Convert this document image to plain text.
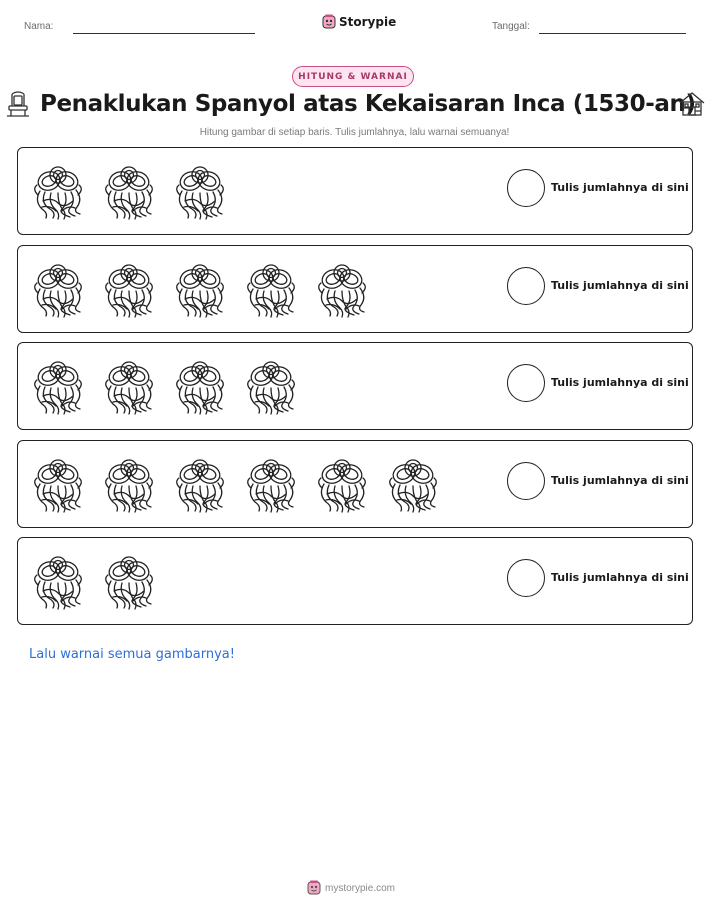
Nama:	Storypie	Tanggal:
HITUNG & WARNAI
Penaklukan Spanyol atas Kekaisaran Inca (1530-an)
Hitung gambar di setiap baris. Tulis jumlahnya, lalu warnai semuanya!
Tulis jumlahnya di sini
Tulis jumlahnya di sini
Tulis jumlahnya di sini
Tulis jumlahnya di sini
Tulis jumlahnya di sini
Lalu warnai semua gambarnya!
mystorypie.com
